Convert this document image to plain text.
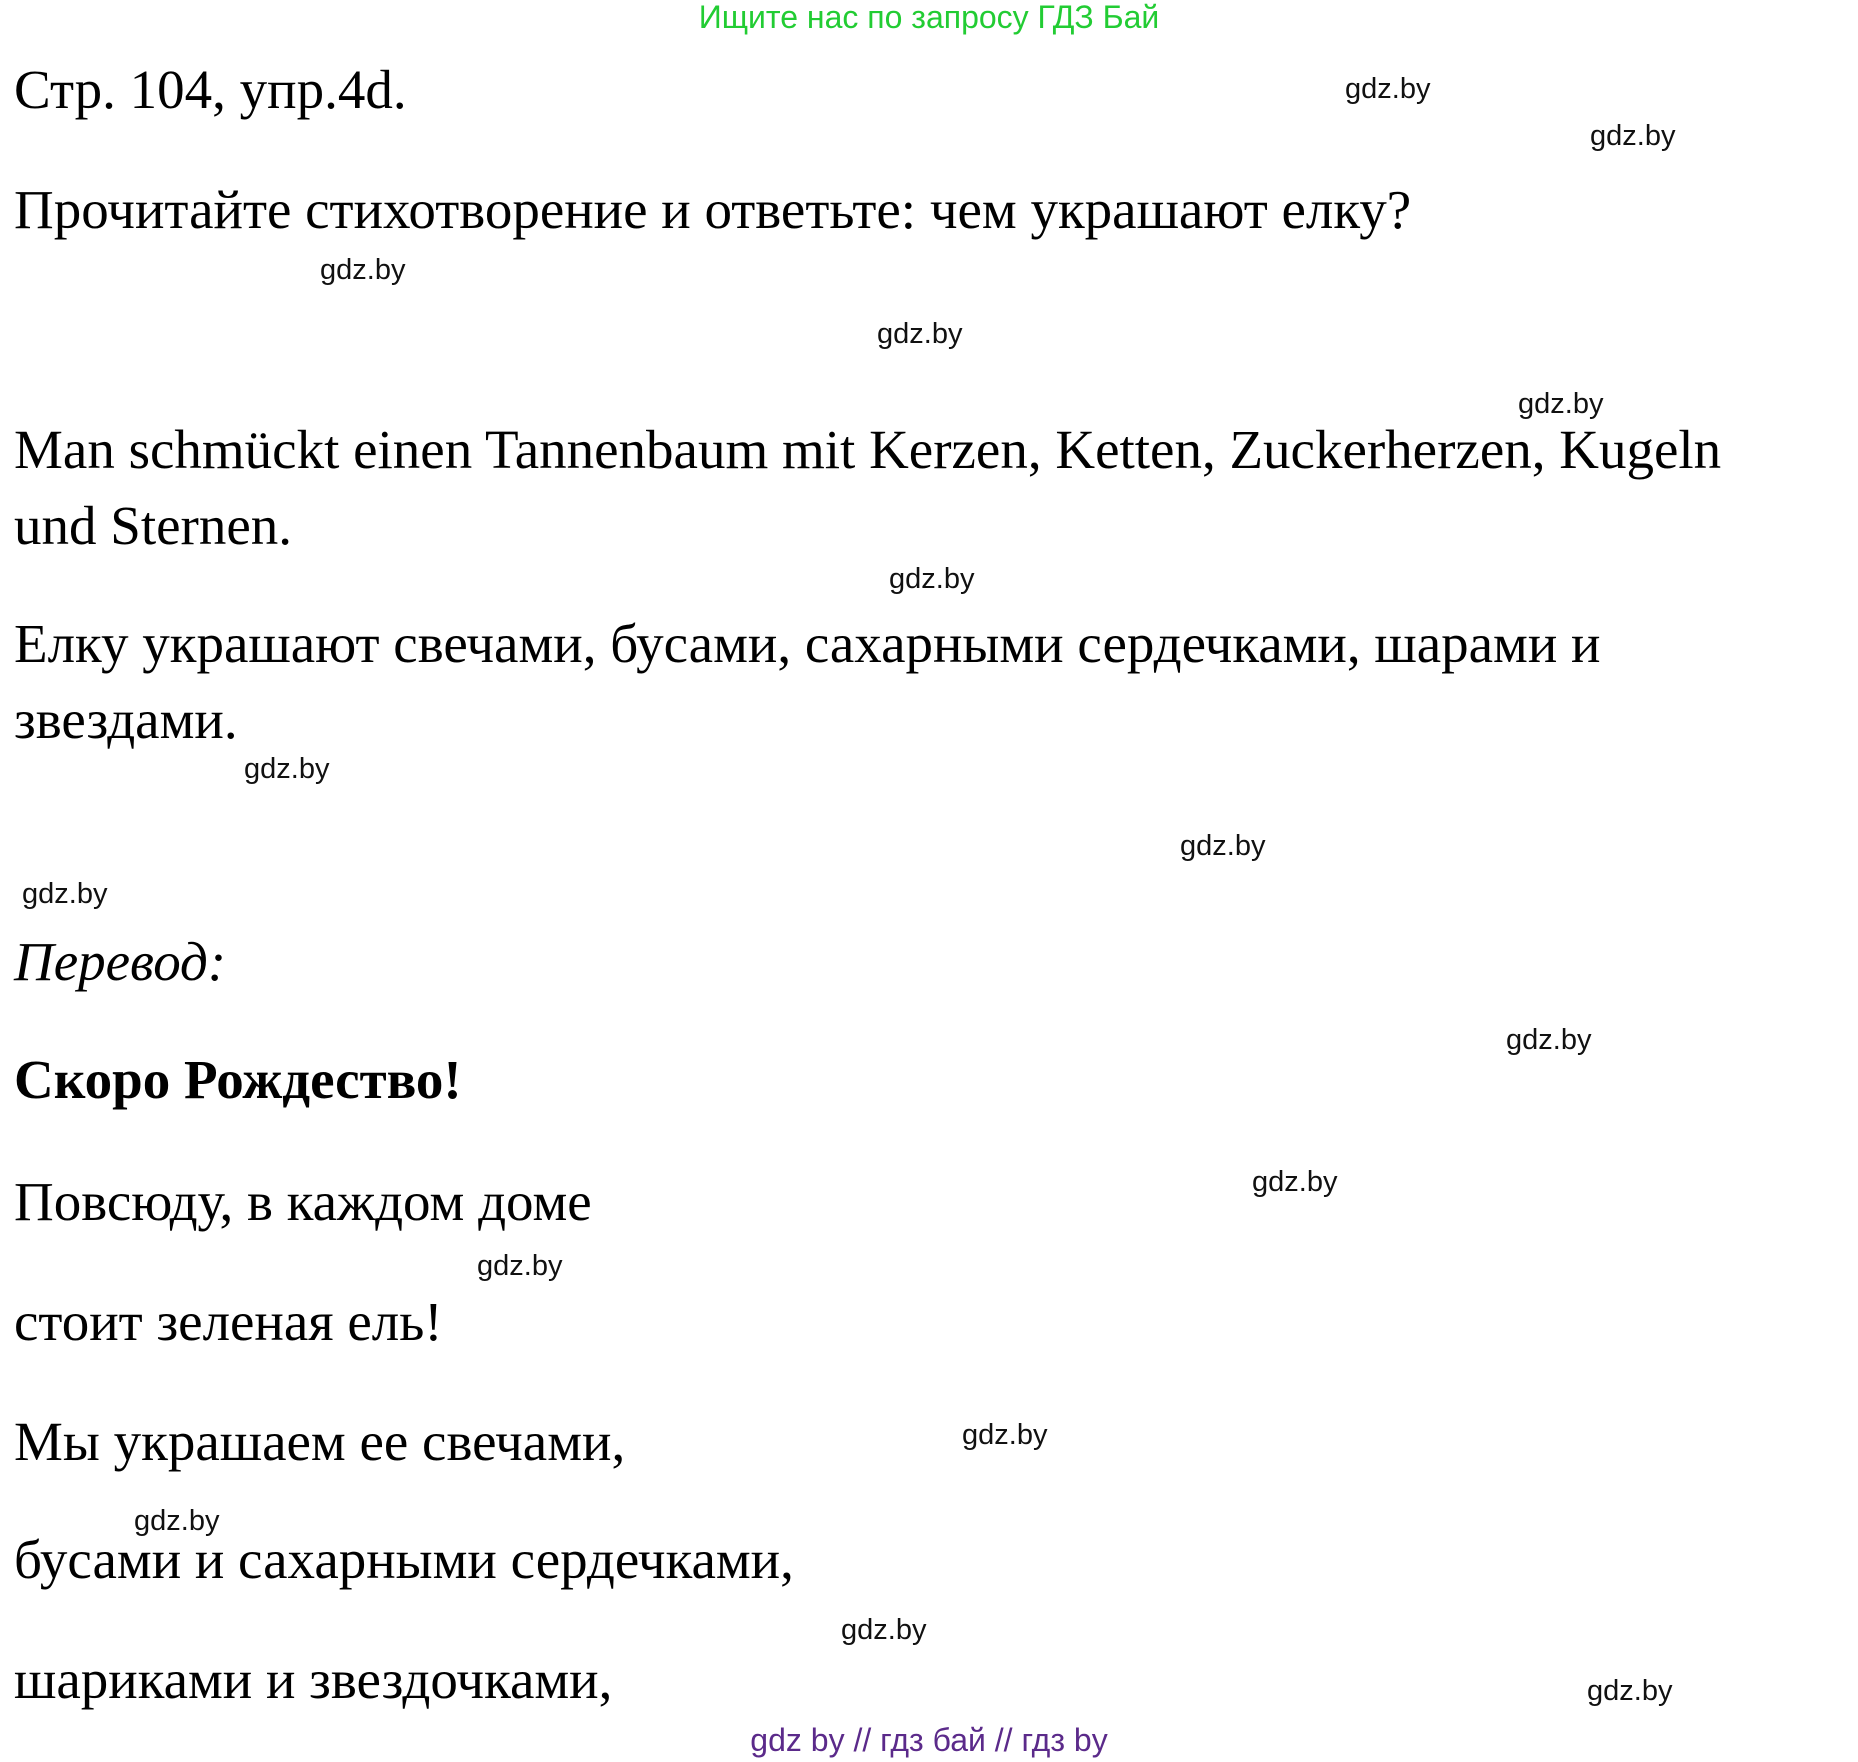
Ищите нас по запросу ГДЗ Бай

Стр. 104, упр.4d.

Прочитайте стихотворение и ответьте: чем украшают елку?

Man schmückt einen Tannenbaum mit Kerzen, Ketten, Zuckerherzen, Kugeln

und Sternen.

Елку украшают свечами, бусами, сахарными сердечками, шарами и

звездами.

Перевод:

Скоро Рождество!

Повсюду, в каждом доме

стоит зеленая ель!

Мы украшаем ее свечами,

бусами и сахарными сердечками,

шариками и звездочками,

gdz.by
gdz.by
gdz.by
gdz.by
gdz.by
gdz.by
gdz.by
gdz.by
gdz.by
gdz.by
gdz.by
gdz.by
gdz.by
gdz.by
gdz.by
gdz.by
gdz by // гдз бай // гдз by
